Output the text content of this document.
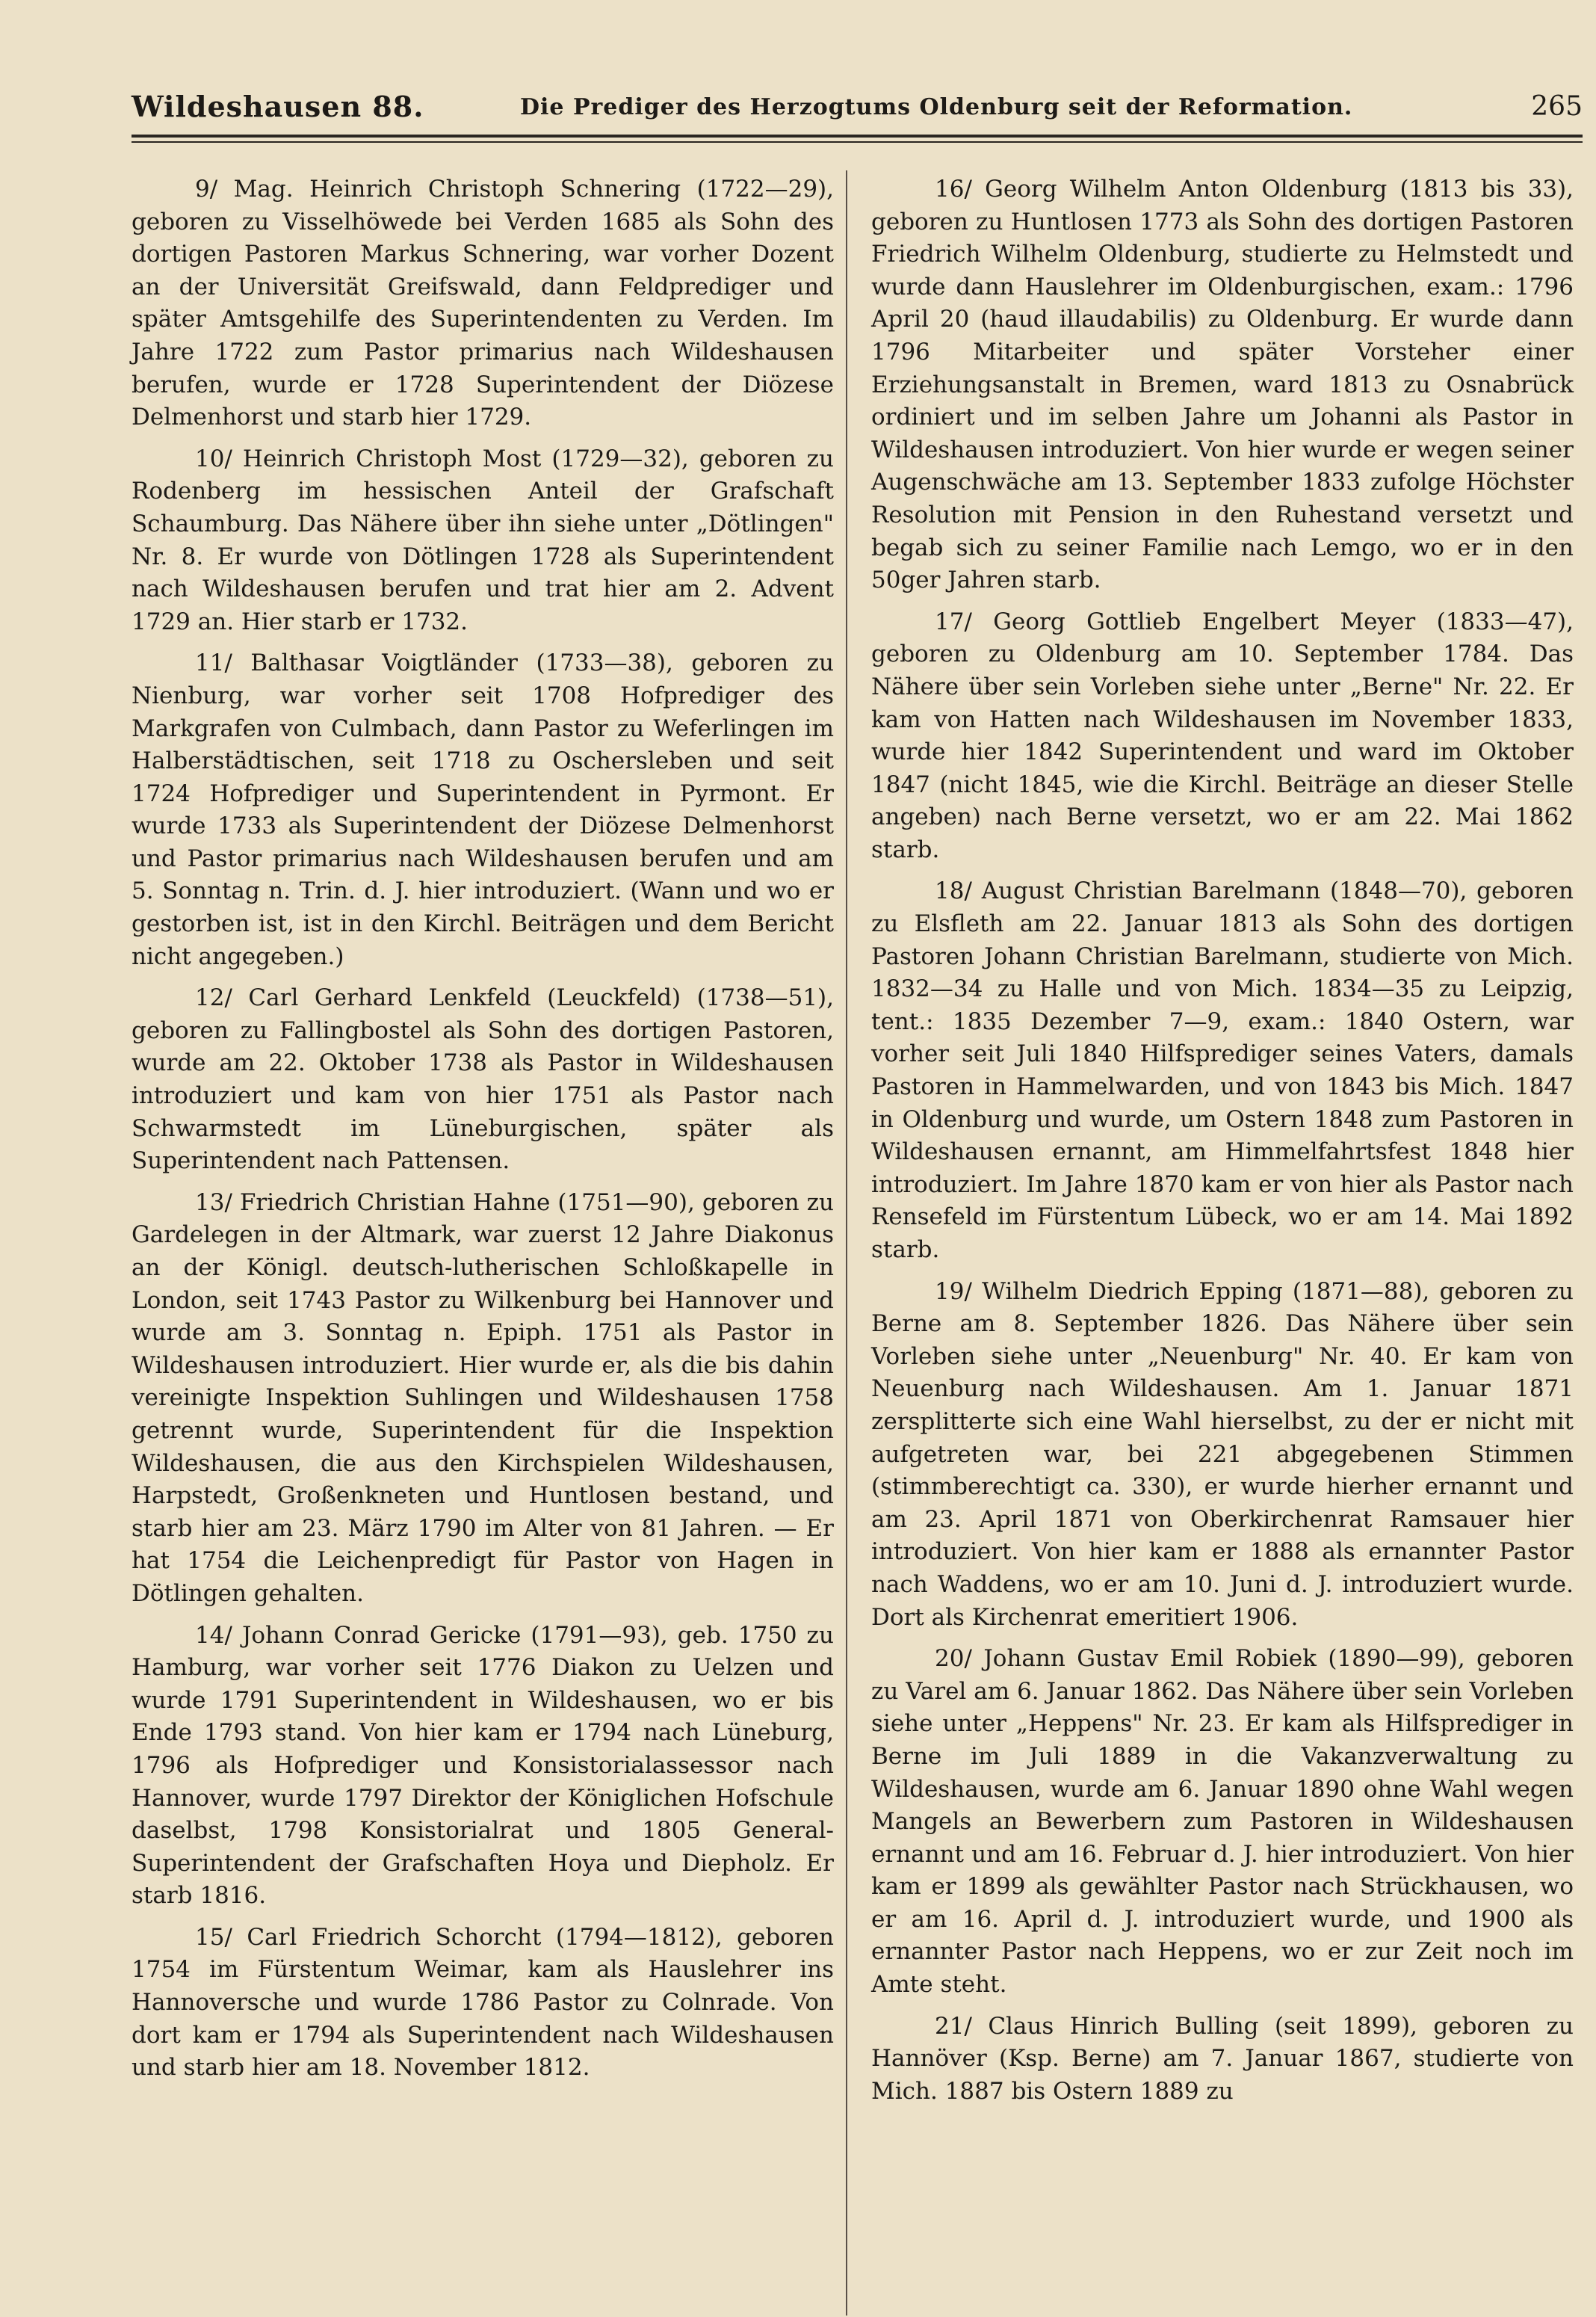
Wildeshausen 88.	Die Prediger des Herzogtums Oldenburg seit der Reformation.	265

9/ Mag. Heinrich Christoph Schnering (1722—29), geboren zu Visselhöwede bei Verden 1685 als Sohn des dortigen Pastoren Markus Schnering, war vorher Dozent an der Universität Greifswald, dann Feldprediger und später Amtsgehilfe des Superintendenten zu Verden. Im Jahre 1722 zum Pastor primarius nach Wildeshausen berufen, wurde er 1728 Superintendent der Diözese Delmenhorst und starb hier 1729.

10/ Heinrich Christoph Most (1729—32), geboren zu Rodenberg im hessischen Anteil der Grafschaft Schaumburg. Das Nähere über ihn siehe unter „Dötlingen" Nr. 8. Er wurde von Dötlingen 1728 als Superintendent nach Wildeshausen berufen und trat hier am 2. Advent 1729 an. Hier starb er 1732.

11/ Balthasar Voigtländer (1733—38), geboren zu Nienburg, war vorher seit 1708 Hofprediger des Markgrafen von Culmbach, dann Pastor zu Weferlingen im Halberstädtischen, seit 1718 zu Oschersleben und seit 1724 Hofprediger und Superintendent in Pyrmont. Er wurde 1733 als Superintendent der Diözese Delmenhorst und Pastor primarius nach Wildeshausen berufen und am 5. Sonntag n. Trin. d. J. hier introduziert. (Wann und wo er gestorben ist, ist in den Kirchl. Beiträgen und dem Bericht nicht angegeben.)

12/ Carl Gerhard Lenkfeld (Leuckfeld) (1738—51), geboren zu Fallingbostel als Sohn des dortigen Pastoren, wurde am 22. Oktober 1738 als Pastor in Wildeshausen introduziert und kam von hier 1751 als Pastor nach Schwarmstedt im Lüneburgischen, später als Superintendent nach Pattensen.

13/ Friedrich Christian Hahne (1751—90), geboren zu Gardelegen in der Altmark, war zuerst 12 Jahre Diakonus an der Königl. deutsch-lutherischen Schloßkapelle in London, seit 1743 Pastor zu Wilkenburg bei Hannover und wurde am 3. Sonntag n. Epiph. 1751 als Pastor in Wildeshausen introduziert. Hier wurde er, als die bis dahin vereinigte Inspektion Suhlingen und Wildeshausen 1758 getrennt wurde, Superintendent für die Inspektion Wildeshausen, die aus den Kirchspielen Wildeshausen, Harpstedt, Großenkneten und Huntlosen bestand, und starb hier am 23. März 1790 im Alter von 81 Jahren. — Er hat 1754 die Leichenpredigt für Pastor von Hagen in Dötlingen gehalten.

14/ Johann Conrad Gericke (1791—93), geb. 1750 zu Hamburg, war vorher seit 1776 Diakon zu Uelzen und wurde 1791 Superintendent in Wildeshausen, wo er bis Ende 1793 stand. Von hier kam er 1794 nach Lüneburg, 1796 als Hofprediger und Konsistorialassessor nach Hannover, wurde 1797 Direktor der Königlichen Hofschule daselbst, 1798 Konsistorialrat und 1805 General-Superintendent der Grafschaften Hoya und Diepholz. Er starb 1816.

15/ Carl Friedrich Schorcht (1794—1812), geboren 1754 im Fürstentum Weimar, kam als Hauslehrer ins Hannoversche und wurde 1786 Pastor zu Colnrade. Von dort kam er 1794 als Superintendent nach Wildeshausen und starb hier am 18. November 1812.

16/ Georg Wilhelm Anton Oldenburg (1813 bis 33), geboren zu Huntlosen 1773 als Sohn des dortigen Pastoren Friedrich Wilhelm Oldenburg, studierte zu Helmstedt und wurde dann Hauslehrer im Oldenburgischen, exam.: 1796 April 20 (haud illaudabilis) zu Oldenburg. Er wurde dann 1796 Mitarbeiter und später Vorsteher einer Erziehungsanstalt in Bremen, ward 1813 zu Osnabrück ordiniert und im selben Jahre um Johanni als Pastor in Wildeshausen introduziert. Von hier wurde er wegen seiner Augenschwäche am 13. September 1833 zufolge Höchster Resolution mit Pension in den Ruhestand versetzt und begab sich zu seiner Familie nach Lemgo, wo er in den 50ger Jahren starb.

17/ Georg Gottlieb Engelbert Meyer (1833—47), geboren zu Oldenburg am 10. September 1784. Das Nähere über sein Vorleben siehe unter „Berne" Nr. 22. Er kam von Hatten nach Wildeshausen im November 1833, wurde hier 1842 Superintendent und ward im Oktober 1847 (nicht 1845, wie die Kirchl. Beiträge an dieser Stelle angeben) nach Berne versetzt, wo er am 22. Mai 1862 starb.

18/ August Christian Barelmann (1848—70), geboren zu Elsfleth am 22. Januar 1813 als Sohn des dortigen Pastoren Johann Christian Barelmann, studierte von Mich. 1832—34 zu Halle und von Mich. 1834—35 zu Leipzig, tent.: 1835 Dezember 7—9, exam.: 1840 Ostern, war vorher seit Juli 1840 Hilfsprediger seines Vaters, damals Pastoren in Hammelwarden, und von 1843 bis Mich. 1847 in Oldenburg und wurde, um Ostern 1848 zum Pastoren in Wildeshausen ernannt, am Himmelfahrtsfest 1848 hier introduziert. Im Jahre 1870 kam er von hier als Pastor nach Rensefeld im Fürstentum Lübeck, wo er am 14. Mai 1892 starb.

19/ Wilhelm Diedrich Epping (1871—88), geboren zu Berne am 8. September 1826. Das Nähere über sein Vorleben siehe unter „Neuenburg" Nr. 40. Er kam von Neuenburg nach Wildeshausen. Am 1. Januar 1871 zersplitterte sich eine Wahl hierselbst, zu der er nicht mit aufgetreten war, bei 221 abgegebenen Stimmen (stimmberechtigt ca. 330), er wurde hierher ernannt und am 23. April 1871 von Oberkirchenrat Ramsauer hier introduziert. Von hier kam er 1888 als ernannter Pastor nach Waddens, wo er am 10. Juni d. J. introduziert wurde. Dort als Kirchenrat emeritiert 1906.

20/ Johann Gustav Emil Robiek (1890—99), geboren zu Varel am 6. Januar 1862. Das Nähere über sein Vorleben siehe unter „Heppens" Nr. 23. Er kam als Hilfsprediger in Berne im Juli 1889 in die Vakanzverwaltung zu Wildeshausen, wurde am 6. Januar 1890 ohne Wahl wegen Mangels an Bewerbern zum Pastoren in Wildeshausen ernannt und am 16. Februar d. J. hier introduziert. Von hier kam er 1899 als gewählter Pastor nach Strückhausen, wo er am 16. April d. J. introduziert wurde, und 1900 als ernannter Pastor nach Heppens, wo er zur Zeit noch im Amte steht.

21/ Claus Hinrich Bulling (seit 1899), geboren zu Hannöver (Ksp. Berne) am 7. Januar 1867, studierte von Mich. 1887 bis Ostern 1889 zu
